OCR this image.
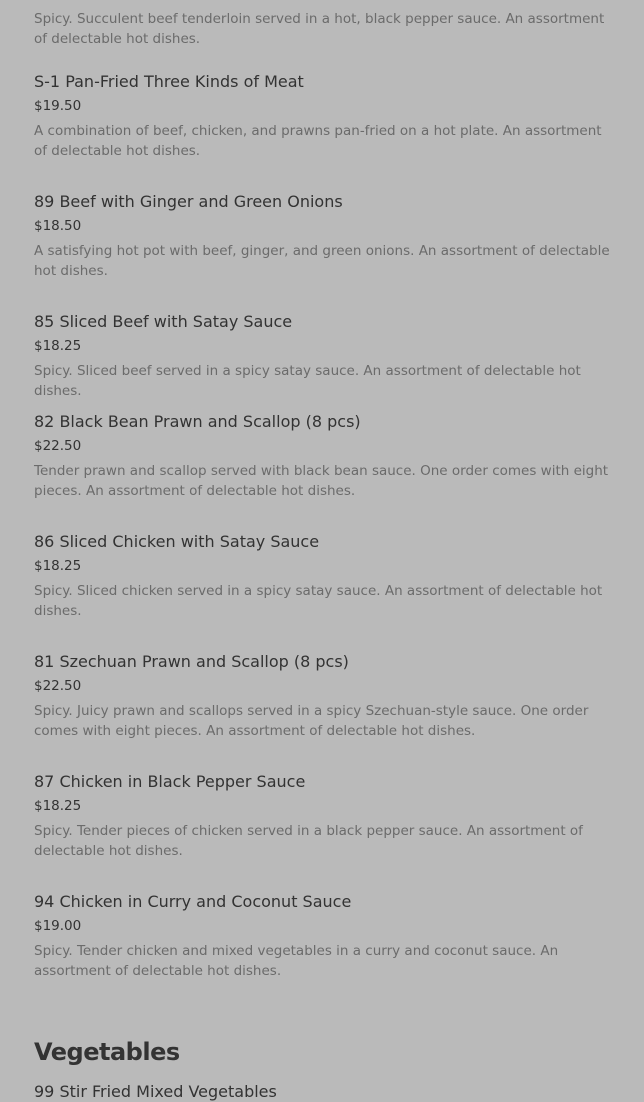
Spicy. Succulent beef tenderloin served in a hot, black pepper sauce. An assortment of delectable hot dishes.
S-1 Pan-Fried Three Kinds of Meat
$19.50
A combination of beef, chicken, and prawns pan-fried on a hot plate. An assortment of delectable hot dishes.
89 Beef with Ginger and Green Onions
$18.50
A satisfying hot pot with beef, ginger, and green onions. An assortment of delectable hot dishes.
85 Sliced Beef with Satay Sauce
$18.25
Spicy. Sliced beef served in a spicy satay sauce. An assortment of delectable hot dishes.
82 Black Bean Prawn and Scallop (8 pcs)
$22.50
Tender prawn and scallop served with black bean sauce. One order comes with eight pieces. An assortment of delectable hot dishes.
86 Sliced Chicken with Satay Sauce
$18.25
Spicy. Sliced chicken served in a spicy satay sauce. An assortment of delectable hot dishes.
81 Szechuan Prawn and Scallop (8 pcs)
$22.50
Spicy. Juicy prawn and scallops served in a spicy Szechuan-style sauce. One order comes with eight pieces. An assortment of delectable hot dishes.
87 Chicken in Black Pepper Sauce
$18.25
Spicy. Tender pieces of chicken served in a black pepper sauce. An assortment of delectable hot dishes.
94 Chicken in Curry and Coconut Sauce
$19.00
Spicy. Tender chicken and mixed vegetables in a curry and coconut sauce. An assortment of delectable hot dishes.
Vegetables
99 Stir Fried Mixed Vegetables
